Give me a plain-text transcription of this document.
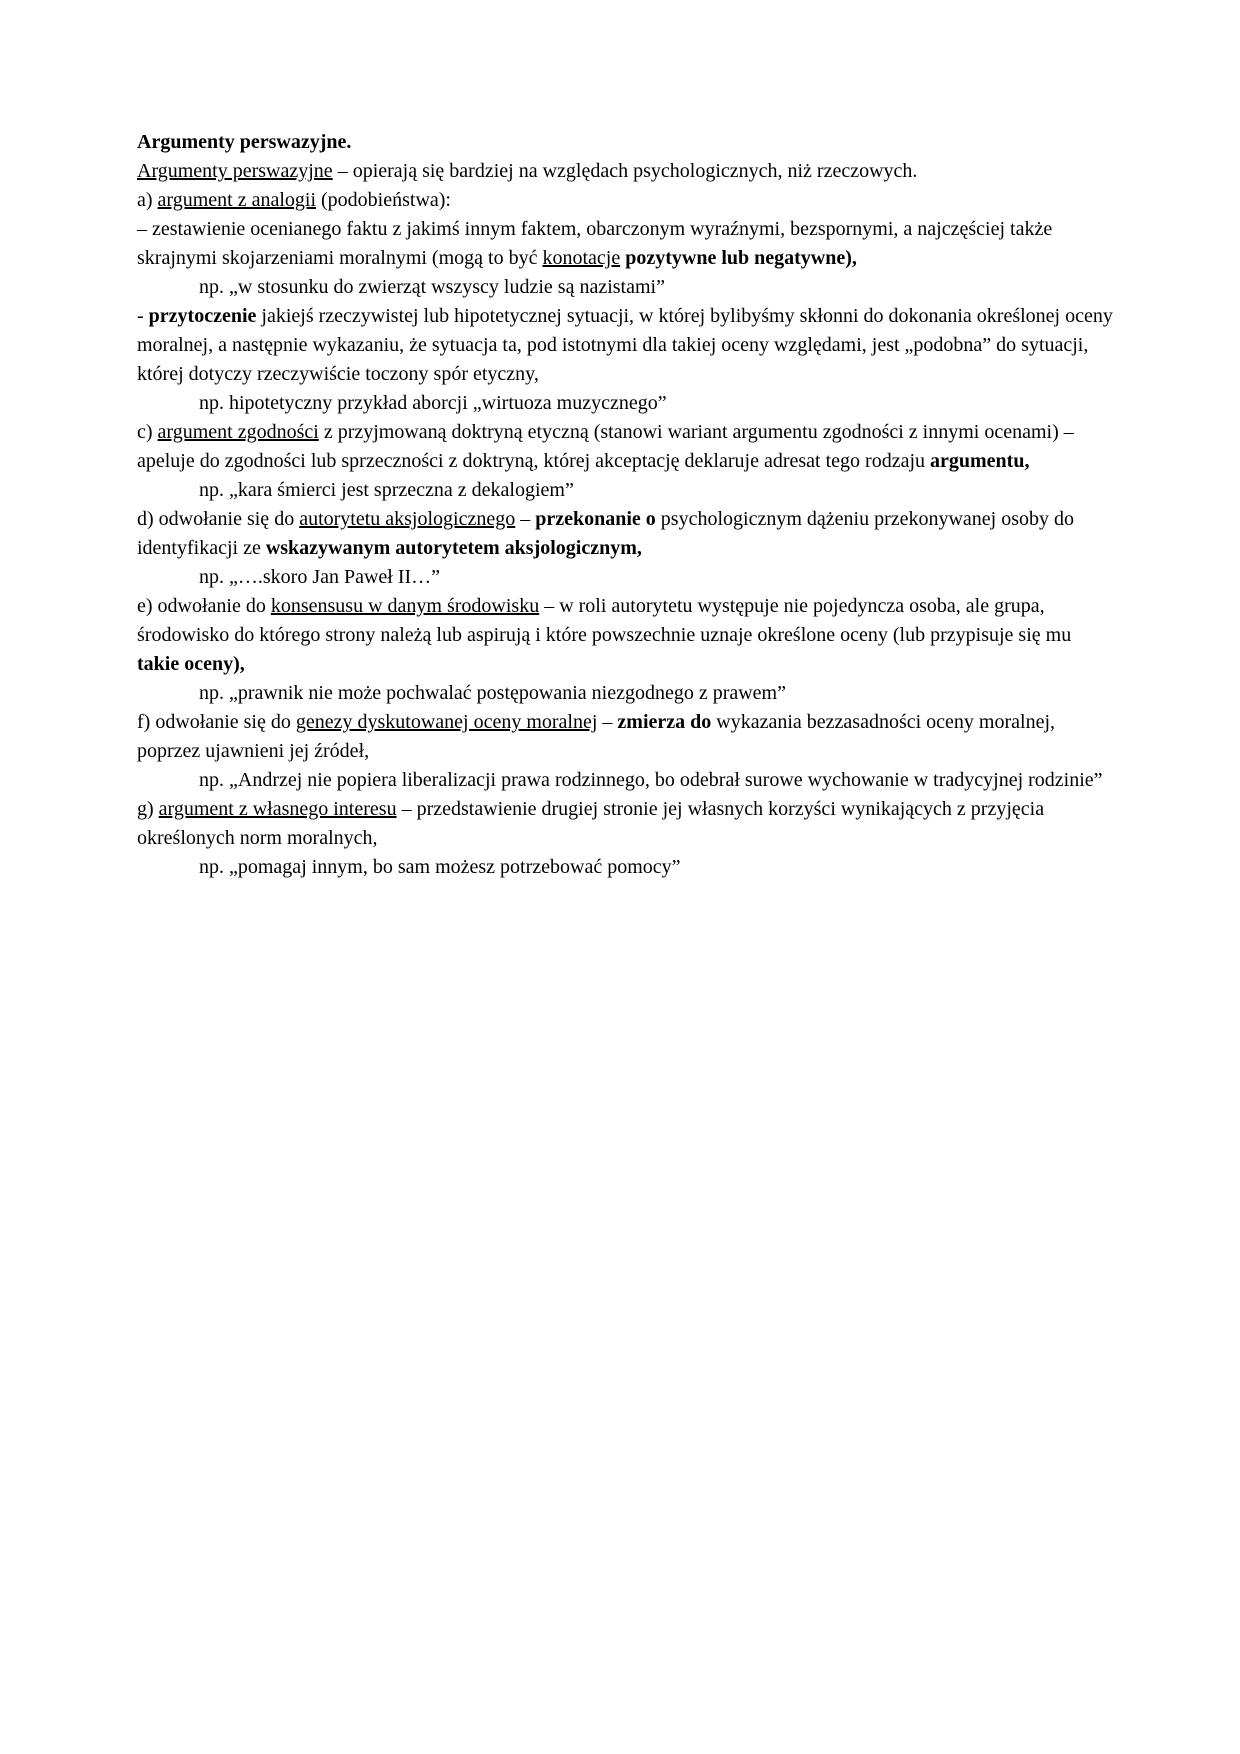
Argumenty perswazyjne.

Argumenty perswazyjne – opierają się bardziej na względach psychologicznych, niż rzeczowych.

a) argument z analogii (podobieństwa):

– zestawienie ocenianego faktu z jakimś innym faktem, obarczonym wyraźnymi, bezspornymi, a najczęściej także skrajnymi skojarzeniami moralnymi (mogą to być konotacje pozytywne lub negatywne),

np. „w stosunku do zwierząt wszyscy ludzie są nazistami”

- przytoczenie jakiejś rzeczywistej lub hipotetycznej sytuacji, w której bylibyśmy skłonni do dokonania określonej oceny moralnej, a następnie wykazaniu, że sytuacja ta, pod istotnymi dla takiej oceny względami, jest „podobna” do sytuacji, której dotyczy rzeczywiście toczony spór etyczny,

np. hipotetyczny przykład aborcji „wirtuoza muzycznego”

c) argument zgodności z przyjmowaną doktryną etyczną (stanowi wariant argumentu zgodności z innymi ocenami) – apeluje do zgodności lub sprzeczności z doktryną, której akceptację deklaruje adresat tego rodzaju argumentu,

np. „kara śmierci jest sprzeczna z dekalogiem”

d) odwołanie się do autorytetu aksjologicznego – przekonanie o psychologicznym dążeniu przekonywanej osoby do identyfikacji ze wskazywanym autorytetem aksjologicznym,

np. „….skoro Jan Paweł II…”

e) odwołanie do konsensusu w danym środowisku – w roli autorytetu występuje nie pojedyncza osoba, ale grupa, środowisko do którego strony należą lub aspirują i które powszechnie uznaje określone oceny (lub przypisuje się mu takie oceny),

np. „prawnik nie może pochwalać postępowania niezgodnego z prawem”

f) odwołanie się do genezy dyskutowanej oceny moralnej – zmierza do wykazania bezzasadności oceny moralnej, poprzez ujawnieni jej źródeł,

np. „Andrzej nie popiera liberalizacji prawa rodzinnego, bo odebrał surowe wychowanie w tradycyjnej rodzinie”

g) argument z własnego interesu – przedstawienie drugiej stronie jej własnych korzyści wynikających z przyjęcia określonych norm moralnych,

np. „pomagaj innym, bo sam możesz potrzebować pomocy”
